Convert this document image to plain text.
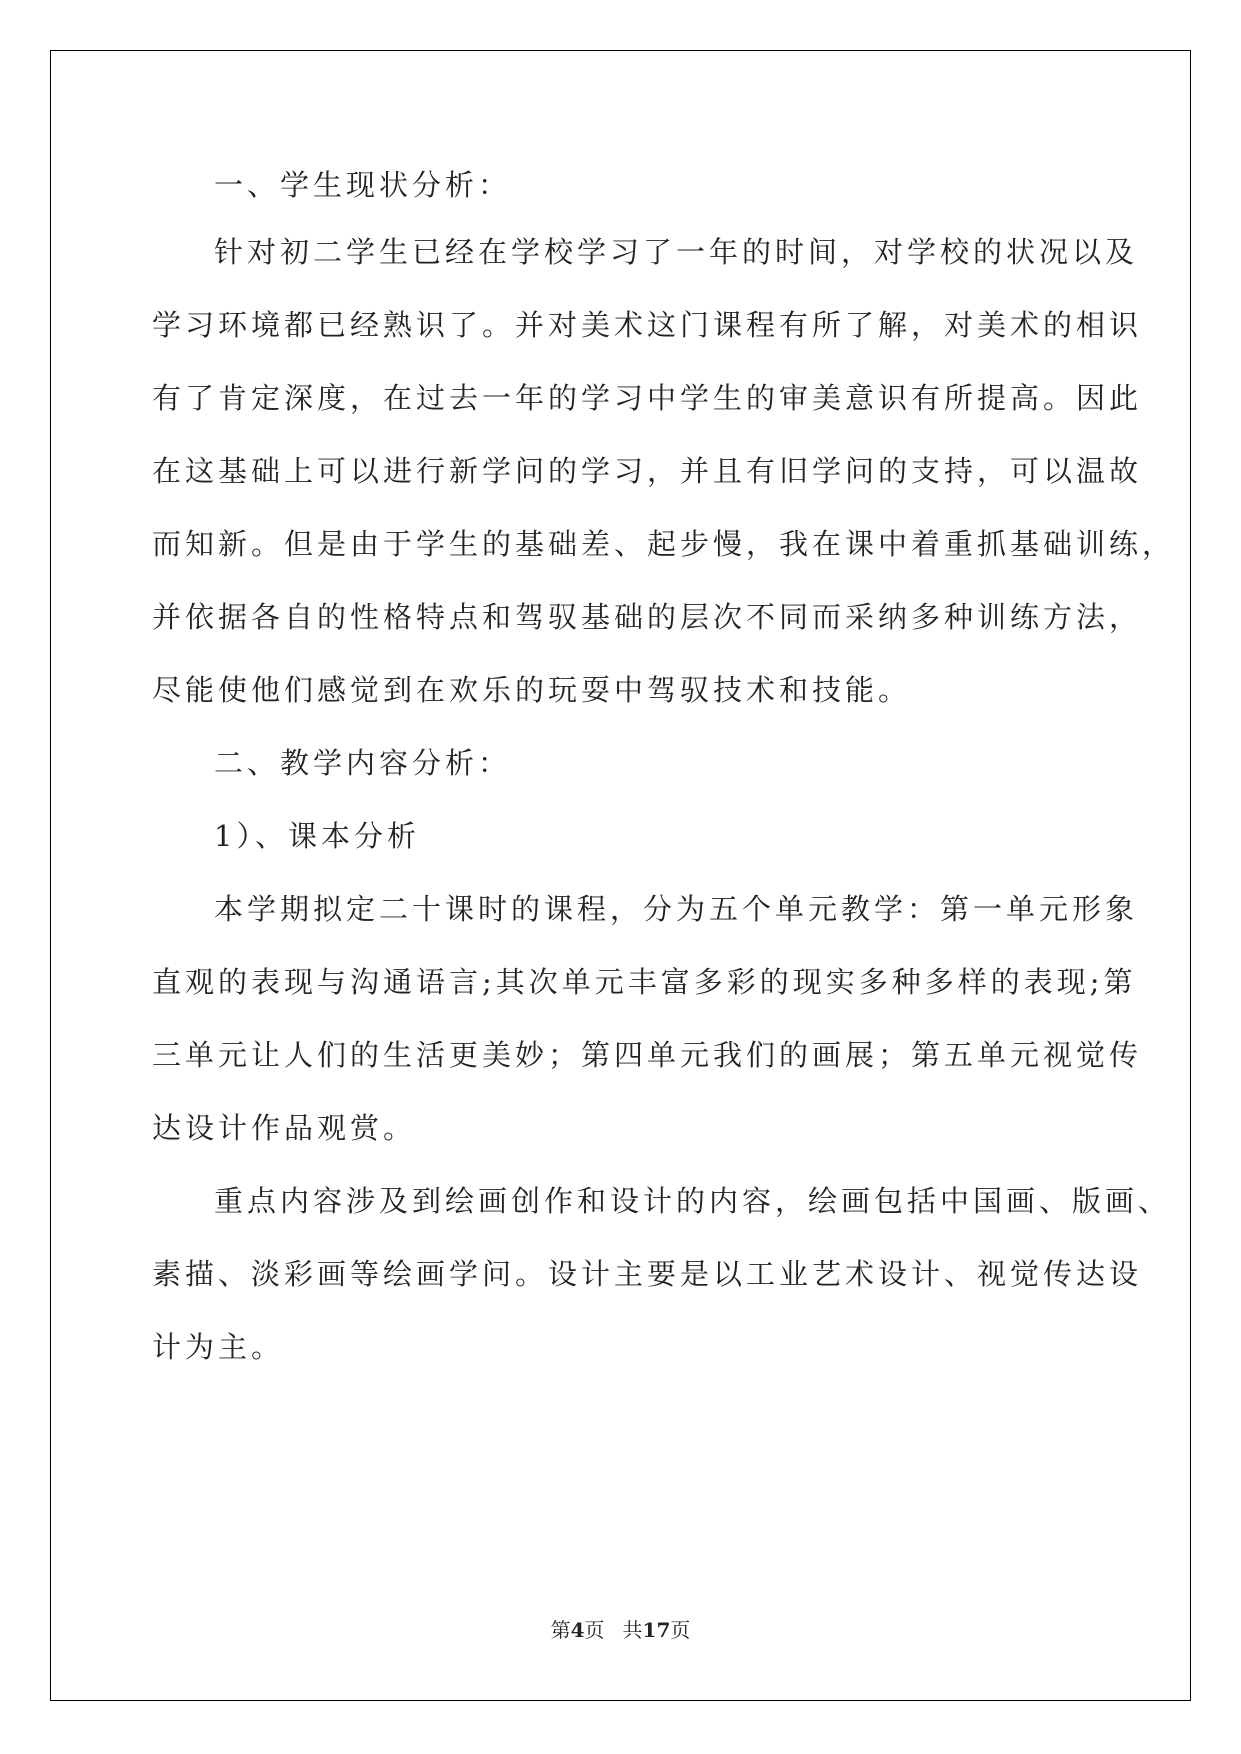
一、学生现状分析：
针对初二学生已经在学校学习了一年的时间，对学校的状况以及
学习环境都已经熟识了。并对美术这门课程有所了解，对美术的相识
有了肯定深度，在过去一年的学习中学生的审美意识有所提高。因此
在这基础上可以进行新学问的学习，并且有旧学问的支持，可以温故
而知新。但是由于学生的基础差、起步慢，我在课中着重抓基础训练，
并依据各自的性格特点和驾驭基础的层次不同而采纳多种训练方法，
尽能使他们感觉到在欢乐的玩耍中驾驭技术和技能。
二、教学内容分析：
1）、课本分析
本学期拟定二十课时的课程，分为五个单元教学：第一单元形象
直观的表现与沟通语言;其次单元丰富多彩的现实多种多样的表现;第
三单元让人们的生活更美妙；第四单元我们的画展；第五单元视觉传
达设计作品观赏。
重点内容涉及到绘画创作和设计的内容，绘画包括中国画、版画、
素描、淡彩画等绘画学问。设计主要是以工业艺术设计、视觉传达设
计为主。
第4页 共17页
